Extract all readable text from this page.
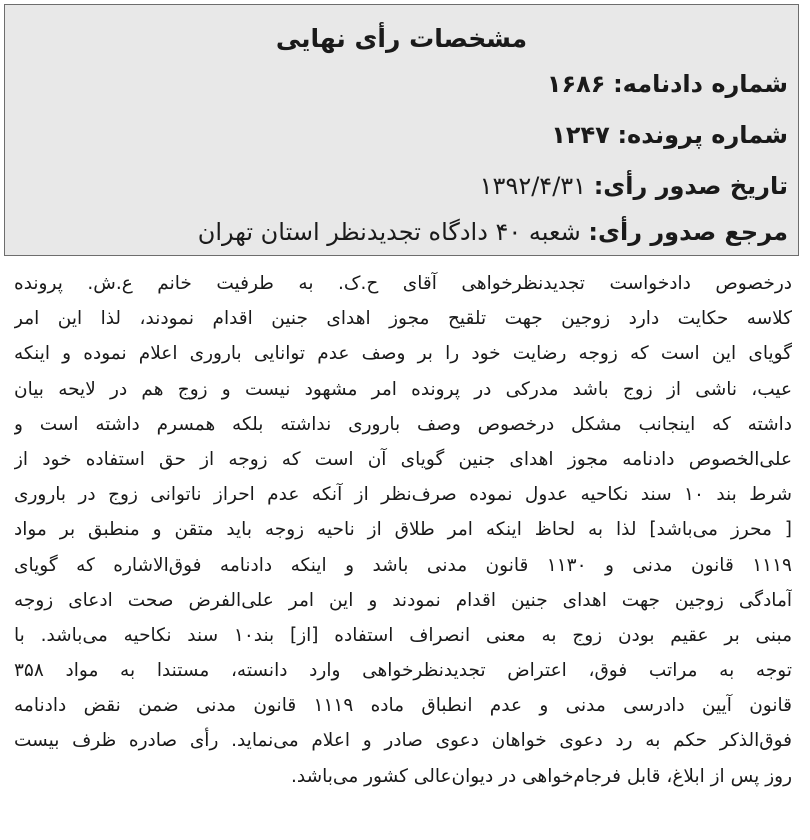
مشخصات رأی نهایی
شماره دادنامه: ۱۶۸۶
شماره پرونده: ۱۲۴۷
تاریخ صدور رأی: ۱۳۹۲/۴/۳۱
مرجع صدور رأی: شعبه ۴۰ دادگاه تجدیدنظر استان تهران
درخصوص دادخواست تجدیدنظرخواهی آقای ح.ک. به طرفیت خانم ع.ش. پرونده
کلاسه حکایت دارد زوجین جهت تلقیح مجوز اهدای جنین اقدام نمودند، لذا این امر
گویای این است که زوجه رضایت خود را بر وصف عدم توانایی باروری اعلام نموده و اینکه
عیب، ناشی از زوج باشد مدرکی در پرونده امر مشهود نیست و زوج هم در لایحه بیان
داشته که اینجانب مشکل درخصوص وصف باروری نداشته بلکه همسرم داشته است و
علی‌الخصوص دادنامه مجوز اهدای جنین گویای آن است که زوجه از حق استفاده خود از
شرط بند ۱۰ سند نکاحیه عدول نموده صرف‌نظر از آنکه عدم احراز ناتوانی زوج در باروری
[ محرز می‌باشد] لذا به لحاظ اینکه امر طلاق از ناحیه زوجه باید متقن و منطبق بر مواد
۱۱۱۹ قانون مدنی و ۱۱۳۰ قانون مدنی باشد و اینکه دادنامه فوق‌الاشاره که گویای
آمادگی زوجین جهت اهدای جنین اقدام نمودند و این امر علی‌الفرض صحت ادعای زوجه
مبنی بر عقیم بودن زوج به معنی انصراف استفاده [از] بند۱۰ سند نکاحیه می‌باشد. با
توجه به مراتب فوق، اعتراض تجدیدنظرخواهی وارد دانسته، مستندا به مواد ۳۵۸
قانون آیین دادرسی مدنی و عدم انطباق ماده ۱۱۱۹ قانون مدنی ضمن نقض دادنامه
فوق‌الذکر حکم به رد دعوی خواهان دعوی صادر و اعلام می‌نماید. رأی صادره ظرف بیست
روز پس از ابلاغ، قابل فرجام‌خواهی در دیوان‌عالی کشور می‌باشد.
